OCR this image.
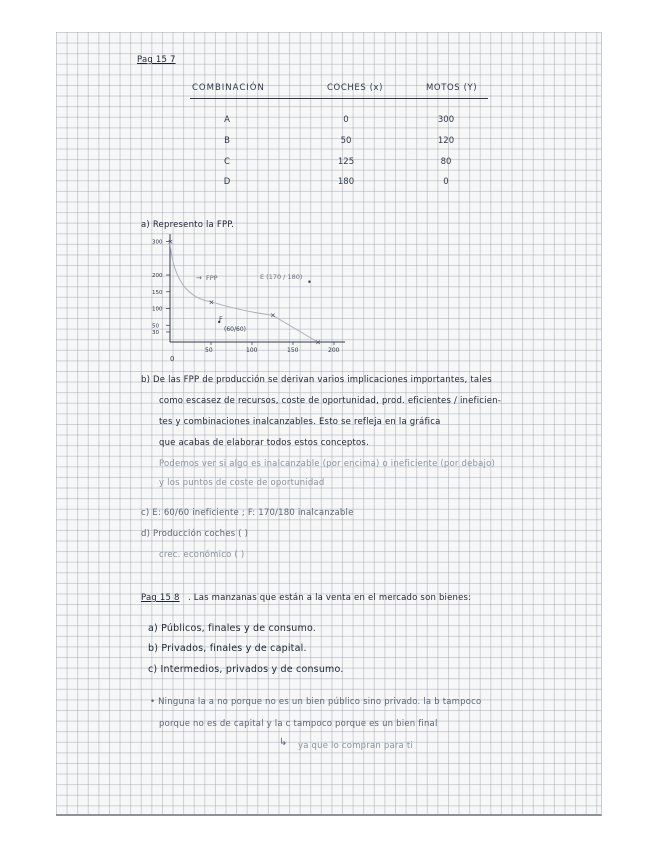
Pag 15 7
COMBINACIÓN	COCHES (x)	MOTOS (Y)
A	0	300
B	50	120
C	125	80
D	180	0
a) Represento la FPP.
300
200
150
100
50
30
50	100	150	200
×
×
×
×
0
→ FPP	E (170 / 180)
F
(60/60)
b) De las FPP de producción se derivan varios implicaciones importantes, tales
como escasez de recursos, coste de oportunidad, prod. eficientes / ineficien-
tes y combinaciones inalcanzables. Esto se refleja en la gráfica
que acabas de elaborar todos estos conceptos.
Podemos ver si algo es inalcanzable (por encima) o ineficiente (por debajo)
y los puntos de coste de oportunidad
c) E: 60/60 ineficiente ; F: 170/180 inalcanzable
d) Producción coches ( )
crec. económico ( )
Pag 15 8 . Las manzanas que están a la venta en el mercado son bienes:
a) Públicos, finales y de consumo.
b) Privados, finales y de capital.
c) Intermedios, privados y de consumo.
• Ninguna la a no porque no es un bien público sino privado. la b tampoco
porque no es de capital y la c tampoco porque es un bien final
↳ ya que lo compran para ti
